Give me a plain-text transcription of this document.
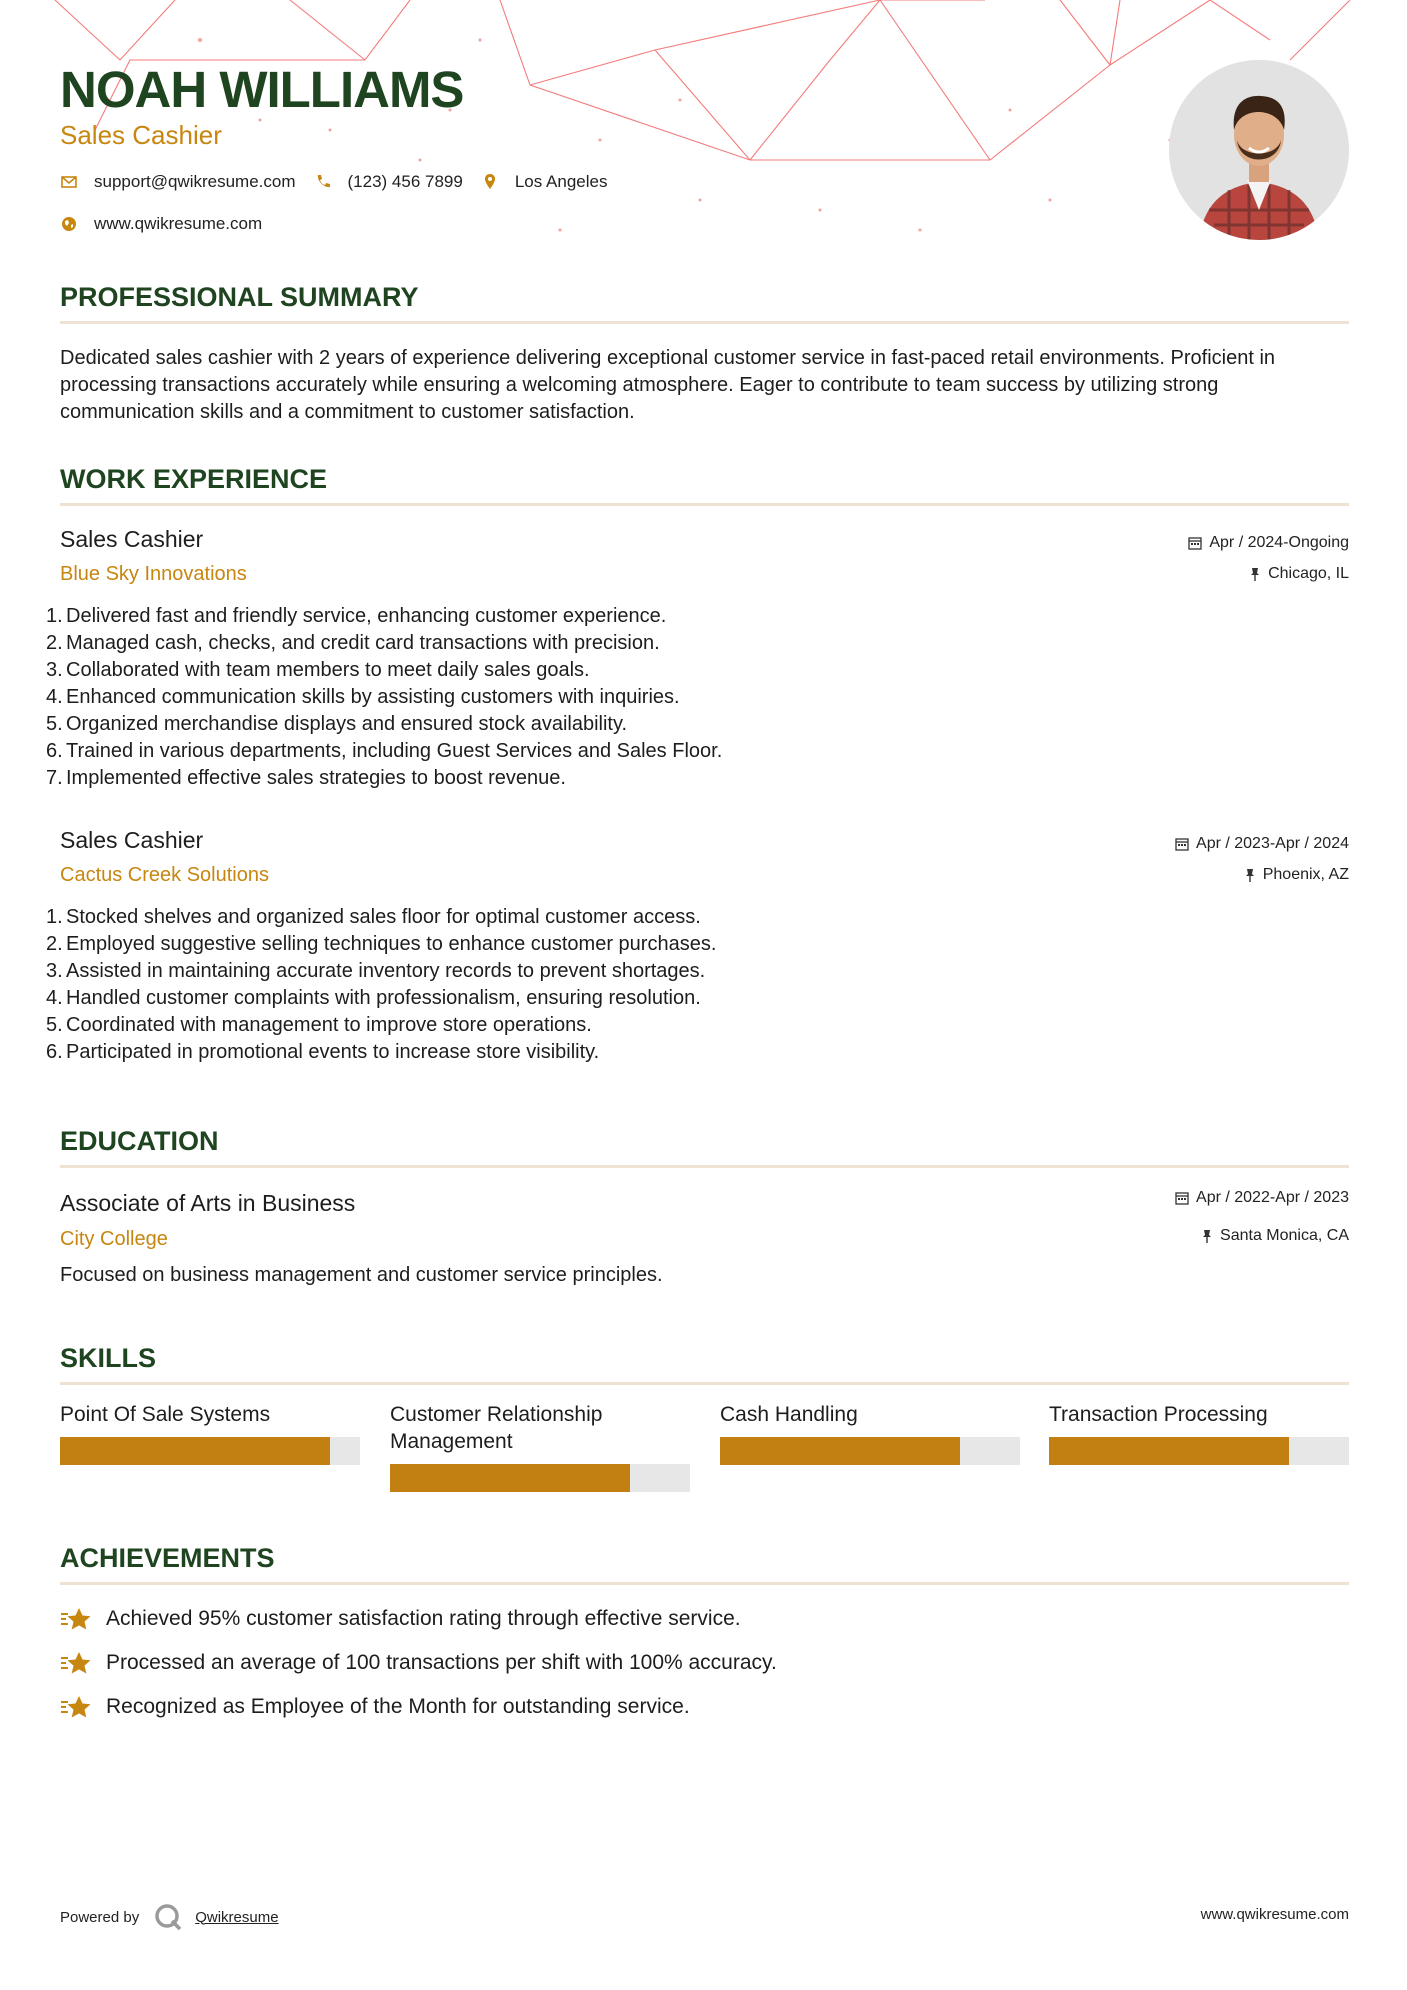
NOAH WILLIAMS
Sales Cashier
support@qwikresume.com	(123) 456 7899	Los Angeles
www.qwikresume.com
PROFESSIONAL SUMMARY
Dedicated sales cashier with 2 years of experience delivering exceptional customer service in fast-paced retail environments. Proficient in processing transactions accurately while ensuring a welcoming atmosphere. Eager to contribute to team success by utilizing strong communication skills and a commitment to customer satisfaction.
WORK EXPERIENCE
Sales Cashier
Blue Sky Innovations
Apr / 2024-Ongoing
Chicago, IL
1. Delivered fast and friendly service, enhancing customer experience.
2. Managed cash, checks, and credit card transactions with precision.
3. Collaborated with team members to meet daily sales goals.
4. Enhanced communication skills by assisting customers with inquiries.
5. Organized merchandise displays and ensured stock availability.
6. Trained in various departments, including Guest Services and Sales Floor.
7. Implemented effective sales strategies to boost revenue.
Sales Cashier
Cactus Creek Solutions
Apr / 2023-Apr / 2024
Phoenix, AZ
1. Stocked shelves and organized sales floor for optimal customer access.
2. Employed suggestive selling techniques to enhance customer purchases.
3. Assisted in maintaining accurate inventory records to prevent shortages.
4. Handled customer complaints with professionalism, ensuring resolution.
5. Coordinated with management to improve store operations.
6. Participated in promotional events to increase store visibility.
EDUCATION
Associate of Arts in Business
City College
Apr / 2022-Apr / 2023
Santa Monica, CA
Focused on business management and customer service principles.
SKILLS
Point Of Sale Systems	Customer Relationship Management
Cash Handling	Transaction Processing
ACHIEVEMENTS
Achieved 95% customer satisfaction rating through effective service.
Processed an average of 100 transactions per shift with 100% accuracy.
Recognized as Employee of the Month for outstanding service.
Powered by	Qwikresume	www.qwikresume.com
